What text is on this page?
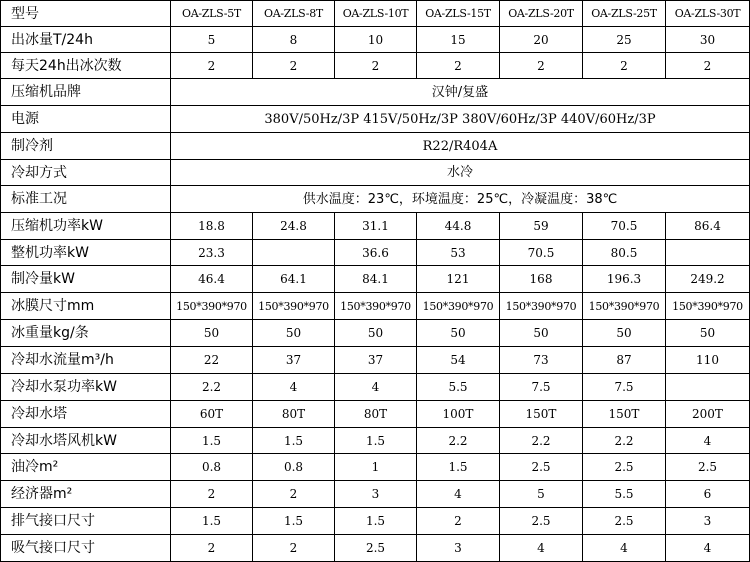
型号	OA-ZLS-5T	OA-ZLS-8T	OA-ZLS-10T	OA-ZLS-15T	OA-ZLS-20T	OA-ZLS-25T	OA-ZLS-30T
出冰量T/24h	5	8	10	15	20	25	30
每天24h出冰次数	2	2	2	2	2	2	2
压缩机品牌	汉钟/复盛						
电源	380V/50Hz/3P 415V/50Hz/3P 380V/60Hz/3P 440V/60Hz/3P						
制冷剂	R22/R404A						
冷却方式	水冷						
标准工况	供水温度：23℃，环境温度：25℃，冷凝温度：38℃						
压缩机功率kW	18.8	24.8	31.1	44.8	59	70.5	86.4
整机功率kW	23.3		36.6	53	70.5	80.5	
制冷量kW	46.4	64.1	84.1	121	168	196.3	249.2
冰膜尺寸mm	150*390*970	150*390*970	150*390*970	150*390*970	150*390*970	150*390*970	150*390*970
冰重量kg/条	50	50	50	50	50	50	50
冷却水流量m³/h	22	37	37	54	73	87	110
冷却水泵功率kW	2.2	4	4	5.5	7.5	7.5	
冷却水塔	60T	80T	80T	100T	150T	150T	200T
冷却水塔风机kW	1.5	1.5	1.5	2.2	2.2	2.2	4
油冷m²	0.8	0.8	1	1.5	2.5	2.5	2.5
经济器m²	2	2	3	4	5	5.5	6
排气接口尺寸	1.5	1.5	1.5	2	2.5	2.5	3
吸气接口尺寸	2	2	2.5	3	4	4	4
